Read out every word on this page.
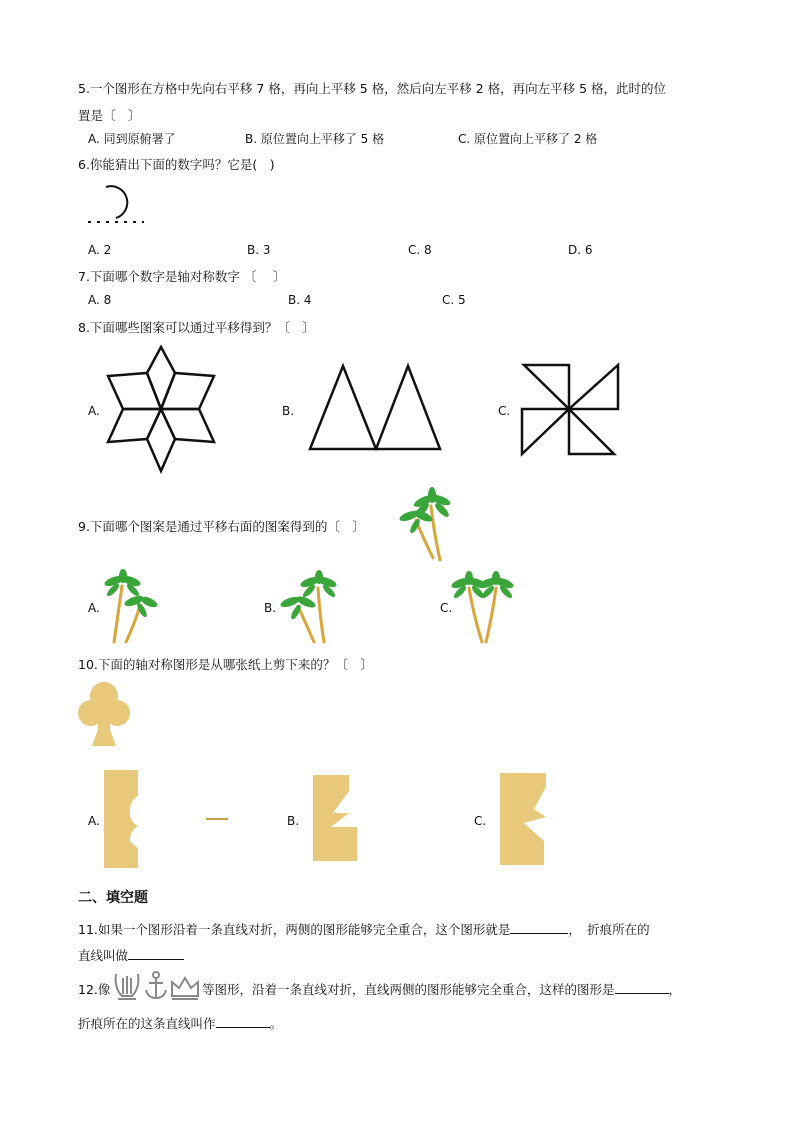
5.一个图形在方格中先向右平移 7 格，再向上平移 5 格，然后向左平移 2 格，再向左平移 5 格，此时的位
置是〔　〕
A. 同到原俯署了	B. 原位置向上平移了 5 格	C. 原位置向上平移了 2 格
6.你能猜出下面的数字吗？它是(　)
A. 2	B. 3	C. 8	D. 6
7.下面哪个数字是轴对称数字 〔　 〕
A. 8	B. 4	C. 5
8.下面哪些图案可以通过平移得到？〔　〕
A.	B.	C.
9.下面哪个图案是通过平移右面的图案得到的〔　〕
A.	B.	C.
10.下面的轴对称图形是从哪张纸上剪下来的？〔　〕
A.	B.	C.
二、填空题
11.如果一个图形沿着一条直线对折，两侧的图形能够完全重合，这个图形就是	，　折痕所在的
直线叫做
12.像	等图形，沿着一条直线对折，直线两侧的图形能够完全重合，这样的图形是	，
折痕所在的这条直线叫作	。
